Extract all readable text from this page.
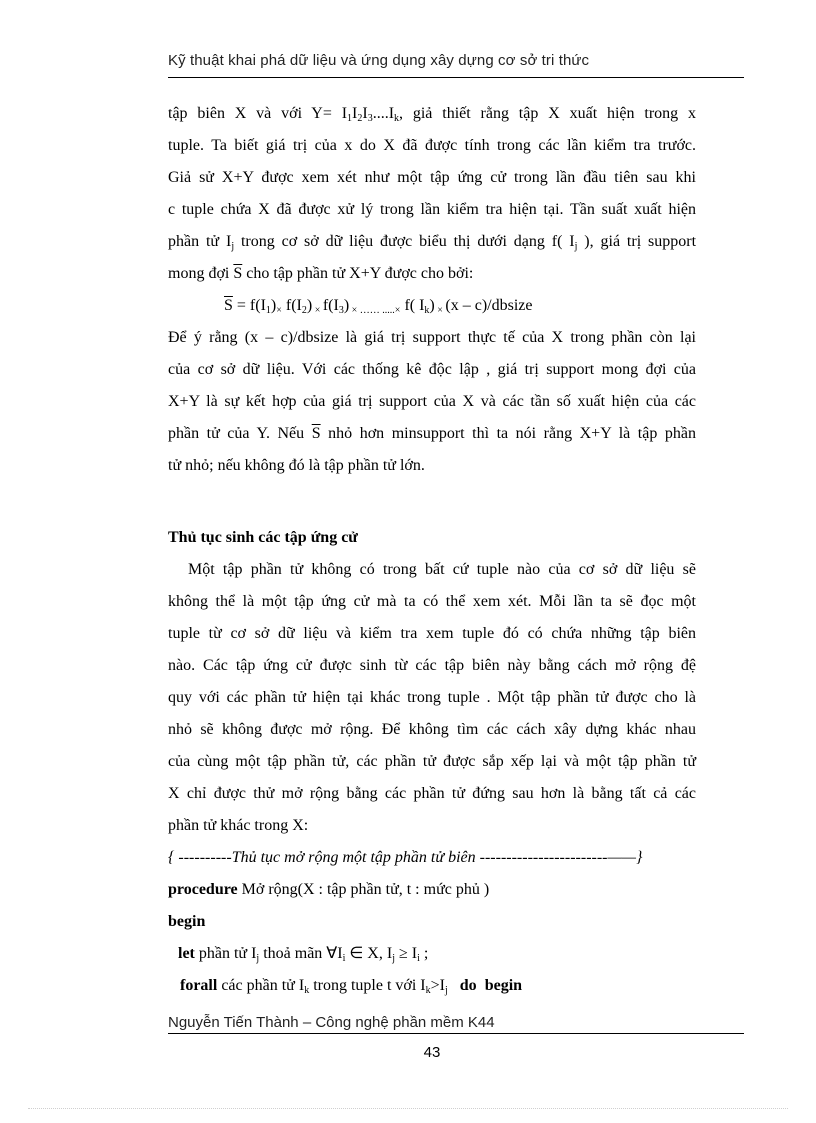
Kỹ thuật khai phá dữ liệu và ứng dụng xây dựng cơ sở tri thức
tập biên X và với $Y= I_1I_2I_3....I_k$, giả thiết rằng tập X xuất hiện trong x
tuple. Ta biết giá trị của x do X đã được tính trong các lần kiểm tra trước.
Giả sử X+Y được xem xét như một tập ứng cử trong lần đầu tiên sau khi
c tuple chứa X đã được xử lý trong lần kiểm tra hiện tại. Tần suất xuất hiện
phần tử $I_j$ trong cơ sở dữ liệu được biểu thị dưới dạng f( $I_j$ ), giá trị support
mong đợi $\overline{S}$ cho tập phần tử X+Y được cho bởi:
$\overline{S} = f(I_1)_\times$ $f(I_2)$ $_\times$ $f(I_3)$ $_{\times \dots\dots .....\times}$ f( $I_k$) $_\times$ (x – c)/dbsize
Để ý rằng (x – c)/dbsize là giá trị support thực tế của X trong phần còn lại
của cơ sở dữ liệu. Với các thống kê độc lập , giá trị support mong đợi của
X+Y là sự kết hợp của giá trị support của X và các tần số xuất hiện của các
phần tử của Y. Nếu $\overline{S}$ nhỏ hơn minsupport thì ta nói rằng X+Y là tập phần
tử nhỏ; nếu không đó là tập phần tử lớn.
Thủ tục sinh các tập ứng cử
Một tập phần tử không có trong bất cứ tuple nào của cơ sở dữ liệu sẽ
không thể là một tập ứng cử mà ta có thể xem xét. Mỗi lần ta sẽ đọc một
tuple từ cơ sở dữ liệu và kiểm tra xem tuple đó có chứa những tập biên
nào. Các tập ứng cử được sinh từ các tập biên này bằng cách mở rộng đệ
quy với các phần tử hiện tại khác trong tuple . Một tập phần tử được cho là
nhỏ sẽ không được mở rộng. Để không tìm các cách xây dựng khác nhau
của cùng một tập phần tử, các phần tử được sắp xếp lại và một tập phần tử
X chỉ được thử mở rộng bằng các phần tử đứng sau hơn là bằng tất cả các
phần tử khác trong X:
{ ----------Thủ tục mở rộng một tập phần tử biên ------------------------——}
procedure Mở rộng(X : tập phần tử, t : mức phủ )
begin
let phần tử $I_j$ thoả mãn $\forall I_i$ ∈ X, $I_j \ge I_i$ ;
forall các phần tử $I_k$ trong tuple t với $I_k>I_j$ do begin
Nguyễn Tiến Thành – Công nghệ phần mềm K44
43
